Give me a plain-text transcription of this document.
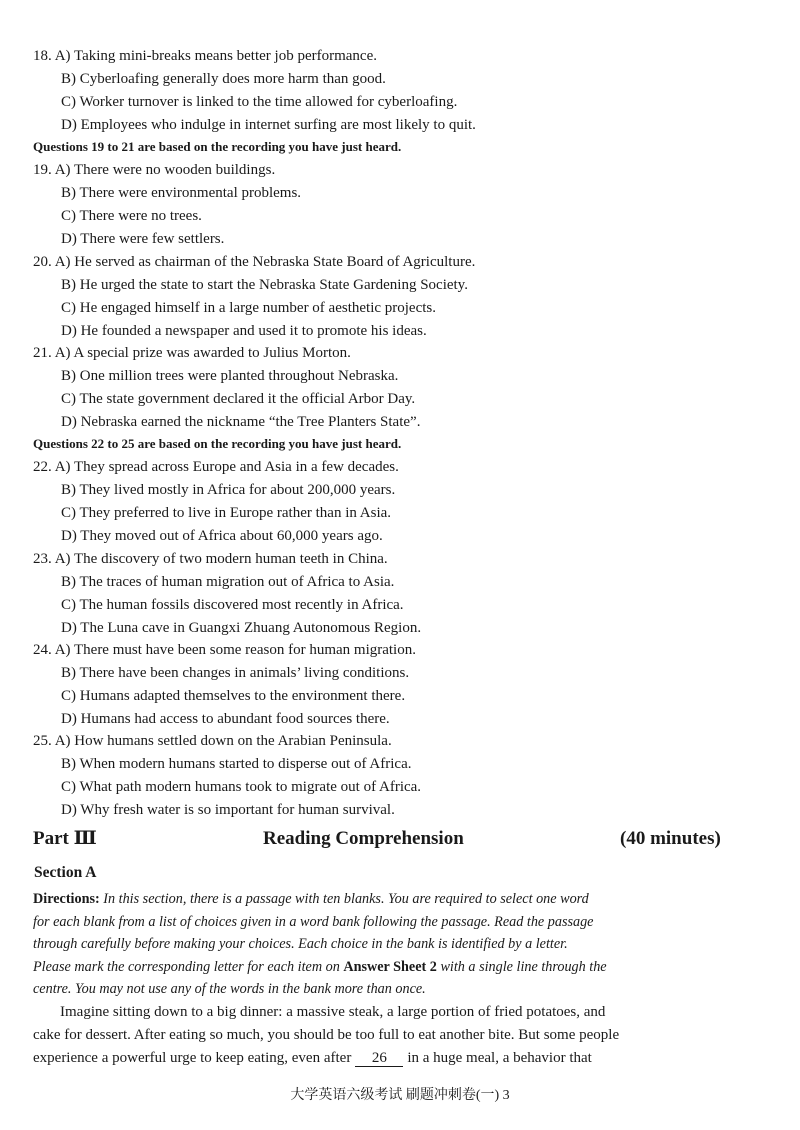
18. A) Taking mini-breaks means better job performance.
B) Cyberloafing generally does more harm than good.
C) Worker turnover is linked to the time allowed for cyberloafing.
D) Employees who indulge in internet surfing are most likely to quit.
Questions 19 to 21 are based on the recording you have just heard.
19. A) There were no wooden buildings.
B) There were environmental problems.
C) There were no trees.
D) There were few settlers.
20. A) He served as chairman of the Nebraska State Board of Agriculture.
B) He urged the state to start the Nebraska State Gardening Society.
C) He engaged himself in a large number of aesthetic projects.
D) He founded a newspaper and used it to promote his ideas.
21. A) A special prize was awarded to Julius Morton.
B) One million trees were planted throughout Nebraska.
C) The state government declared it the official Arbor Day.
D) Nebraska earned the nickname “the Tree Planters State”.
Questions 22 to 25 are based on the recording you have just heard.
22. A) They spread across Europe and Asia in a few decades.
B) They lived mostly in Africa for about 200,000 years.
C) They preferred to live in Europe rather than in Asia.
D) They moved out of Africa about 60,000 years ago.
23. A) The discovery of two modern human teeth in China.
B) The traces of human migration out of Africa to Asia.
C) The human fossils discovered most recently in Africa.
D) The Luna cave in Guangxi Zhuang Autonomous Region.
24. A) There must have been some reason for human migration.
B) There have been changes in animals’ living conditions.
C) Humans adapted themselves to the environment there.
D) Humans had access to abundant food sources there.
25. A) How humans settled down on the Arabian Peninsula.
B) When modern humans started to disperse out of Africa.
C) What path modern humans took to migrate out of Africa.
D) Why fresh water is so important for human survival.
Part Ⅲ	Reading Comprehension	(40 minutes)
Section A
Directions: In this section, there is a passage with ten blanks. You are required to select one word
for each blank from a list of choices given in a word bank following the passage. Read the passage
through carefully before making your choices. Each choice in the bank is identified by a letter.
Please mark the corresponding letter for each item on Answer Sheet 2 with a single line through the
centre. You may not use any of the words in the bank more than once.
Imagine sitting down to a big dinner: a massive steak, a large portion of fried potatoes, and
cake for dessert. After eating so much, you should be too full to eat another bite. But some people
experience a powerful urge to keep eating, even after 26 in a huge meal, a behavior that
大学英语六级考试 刷题冲刺卷(一) 3
